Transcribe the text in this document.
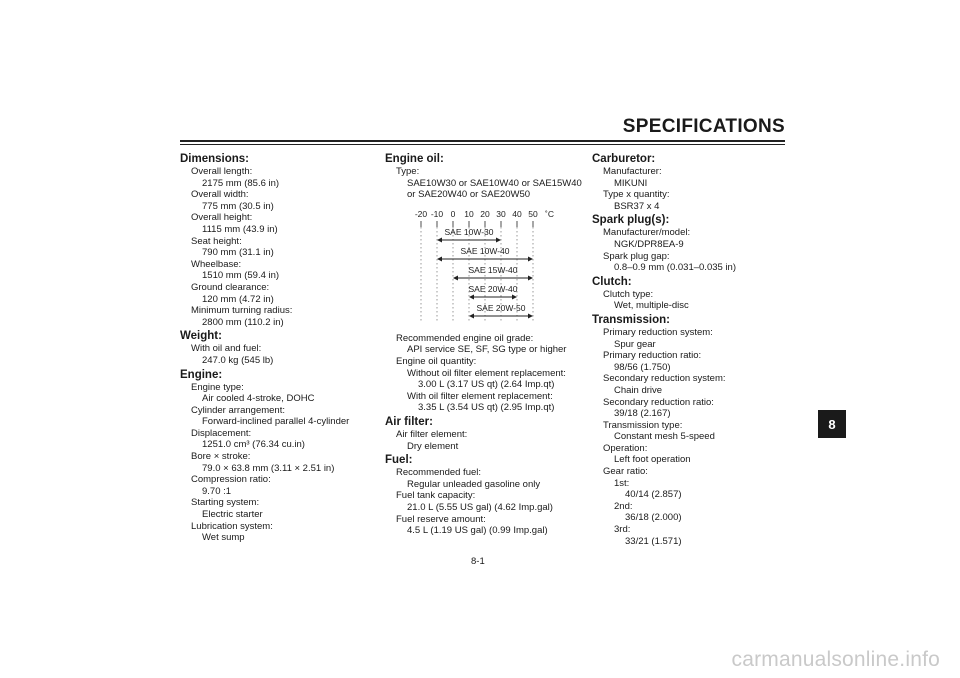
SPECIFICATIONS
Dimensions:
Overall length:
2175 mm (85.6 in)
Overall width:
775 mm (30.5 in)
Overall height:
1115 mm (43.9 in)
Seat height:
790 mm (31.1 in)
Wheelbase:
1510 mm (59.4 in)
Ground clearance:
120 mm (4.72 in)
Minimum turning radius:
2800 mm (110.2 in)
Weight:
With oil and fuel:
247.0 kg (545 lb)
Engine:
Engine type:
Air cooled 4-stroke, DOHC
Cylinder arrangement:
Forward-inclined parallel 4-cylinder
Displacement:
1251.0 cm³ (76.34 cu.in)
Bore × stroke:
79.0 × 63.8 mm (3.11 × 2.51 in)
Compression ratio:
9.70 :1
Starting system:
Electric starter
Lubrication system:
Wet sump
Engine oil:
Type:
SAE10W30 or SAE10W40 or SAE15W40
or SAE20W40 or SAE20W50
-20 -10 0 10 20 30 40 50 ˚C
SAE 10W-30
SAE 10W-40
SAE 15W-40
SAE 20W-40
SAE 20W-50
Recommended engine oil grade:
API service SE, SF, SG type or higher
Engine oil quantity:
Without oil filter element replacement:
3.00 L (3.17 US qt) (2.64 Imp.qt)
With oil filter element replacement:
3.35 L (3.54 US qt) (2.95 Imp.qt)
Air filter:
Air filter element:
Dry element
Fuel:
Recommended fuel:
Regular unleaded gasoline only
Fuel tank capacity:
21.0 L (5.55 US gal) (4.62 Imp.gal)
Fuel reserve amount:
4.5 L (1.19 US gal) (0.99 Imp.gal)
Carburetor:
Manufacturer:
MIKUNI
Type x quantity:
BSR37 x 4
Spark plug(s):
Manufacturer/model:
NGK/DPR8EA-9
Spark plug gap:
0.8–0.9 mm (0.031–0.035 in)
Clutch:
Clutch type:
Wet, multiple-disc
Transmission:
Primary reduction system:
Spur gear
Primary reduction ratio:
98/56 (1.750)
Secondary reduction system:
Chain drive
Secondary reduction ratio:
39/18 (2.167)
Transmission type:
Constant mesh 5-speed
Operation:
Left foot operation
Gear ratio:
1st:
40/14 (2.857)
2nd:
36/18 (2.000)
3rd:
33/21 (1.571)
8
8-1
carmanualsonline.info
